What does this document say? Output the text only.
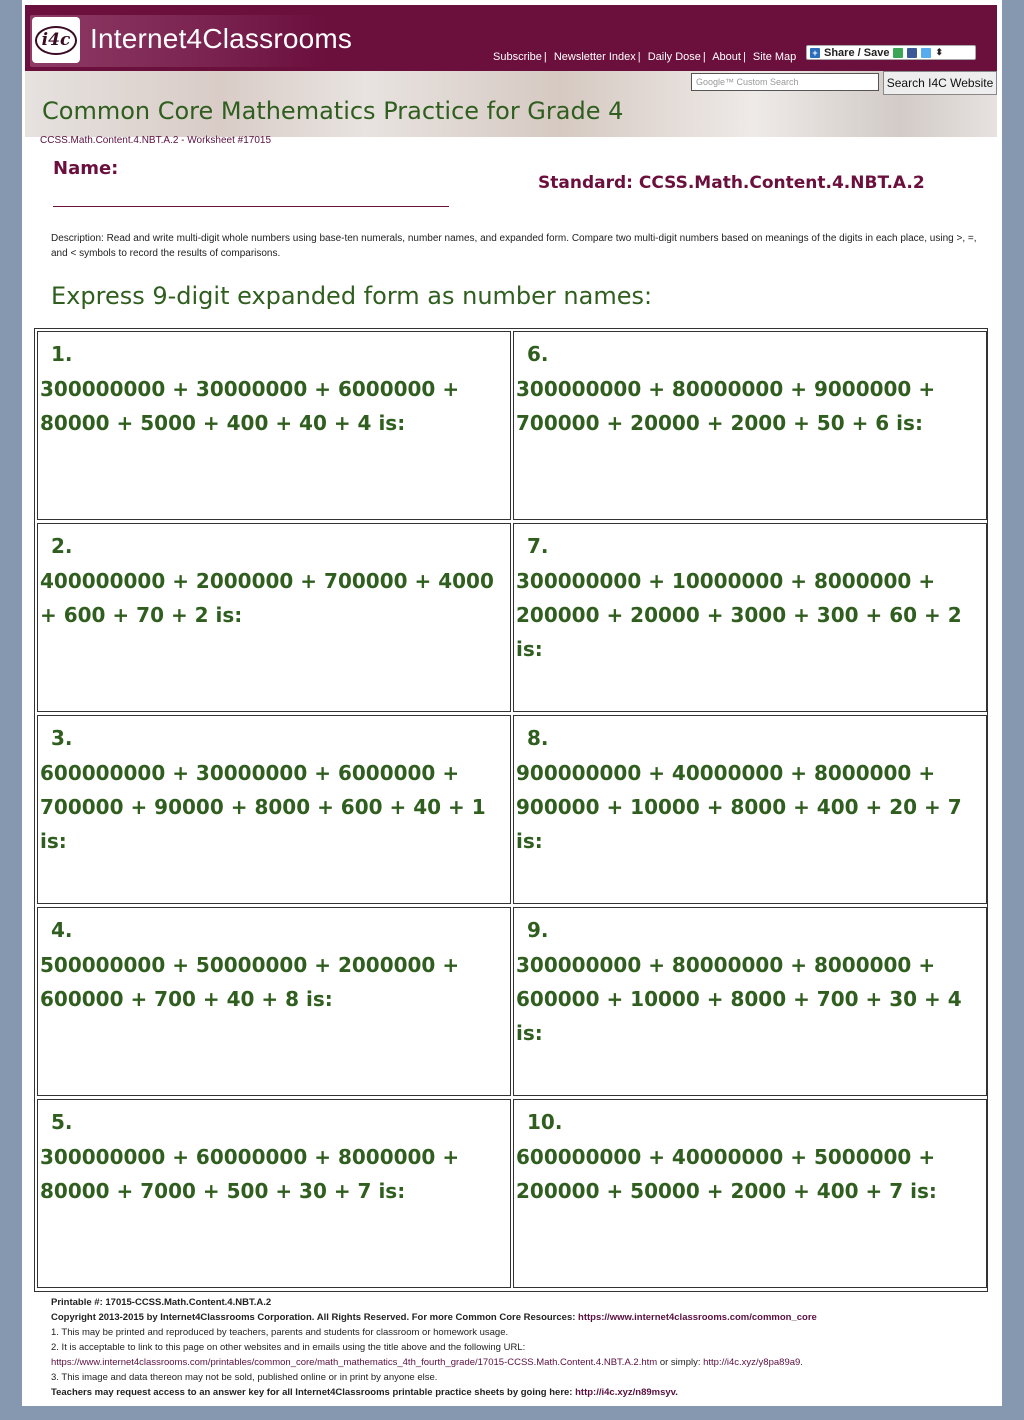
i4c Internet4Classrooms
Subscribe | Newsletter Index | Daily Dose | About | Site Map + Share / Save	⬍
Google™ Custom Search	Search I4C Website
Common Core Mathematics Practice for Grade 4
CCSS.Math.Content.4.NBT.A.2 - Worksheet #17015
Name:
Standard: CCSS.Math.Content.4.NBT.A.2
Description: Read and write multi-digit whole numbers using base-ten numerals, number names, and expanded form. Compare two multi-digit numbers based on meanings of the digits in each place, using >, =, and < symbols to record the results of comparisons.
Express 9-digit expanded form as number names:
1.
300000000 + 30000000 + 6000000 + 80000 + 5000 + 400 + 40 + 4 is:
2.
400000000 + 2000000 + 700000 + 4000 + 600 + 70 + 2 is:
3.
600000000 + 30000000 + 6000000 + 700000 + 90000 + 8000 + 600 + 40 + 1 is:
4.
500000000 + 50000000 + 2000000 + 600000 + 700 + 40 + 8 is:
5.
300000000 + 60000000 + 8000000 + 80000 + 7000 + 500 + 30 + 7 is:
6.
300000000 + 80000000 + 9000000 + 700000 + 20000 + 2000 + 50 + 6 is:
7.
300000000 + 10000000 + 8000000 + 200000 + 20000 + 3000 + 300 + 60 + 2 is:
8.
900000000 + 40000000 + 8000000 + 900000 + 10000 + 8000 + 400 + 20 + 7 is:
9.
300000000 + 80000000 + 8000000 + 600000 + 10000 + 8000 + 700 + 30 + 4 is:
10.
600000000 + 40000000 + 5000000 + 200000 + 50000 + 2000 + 400 + 7 is:
Printable #: 17015-CCSS.Math.Content.4.NBT.A.2
Copyright 2013-2015 by Internet4Classrooms Corporation. All Rights Reserved. For more Common Core Resources: https://www.internet4classrooms.com/common_core
1. This may be printed and reproduced by teachers, parents and students for classroom or homework usage.
2. It is acceptable to link to this page on other websites and in emails using the title above and the following URL:
https://www.internet4classrooms.com/printables/common_core/math_mathematics_4th_fourth_grade/17015-CCSS.Math.Content.4.NBT.A.2.htm or simply: http://i4c.xyz/y8pa89a9.
3. This image and data thereon may not be sold, published online or in print by anyone else.
Teachers may request access to an answer key for all Internet4Classrooms printable practice sheets by going here: http://i4c.xyz/n89msyv.
